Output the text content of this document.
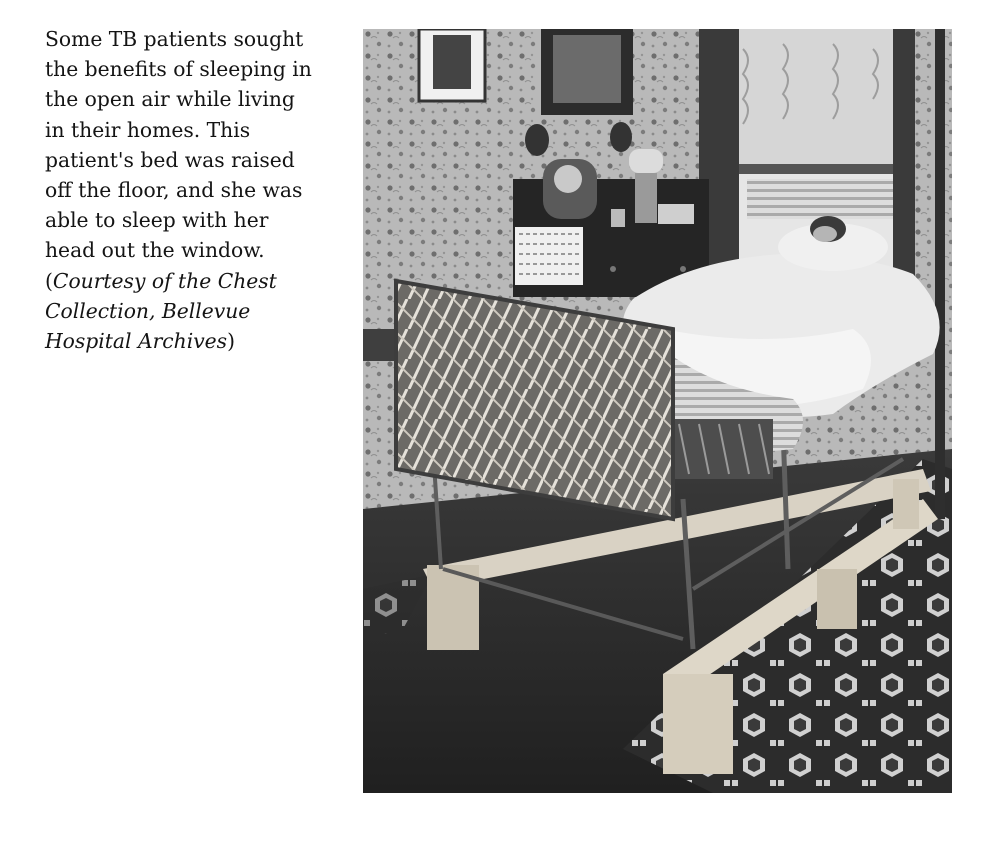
Some TB patients sought
the benefits of sleeping in
the open air while living
in their homes. This
patient's bed was raised
off the floor, and she was
able to sleep with her
head out the window.
(Courtesy of the Chest
Collection, Bellevue
Hospital Archives)
